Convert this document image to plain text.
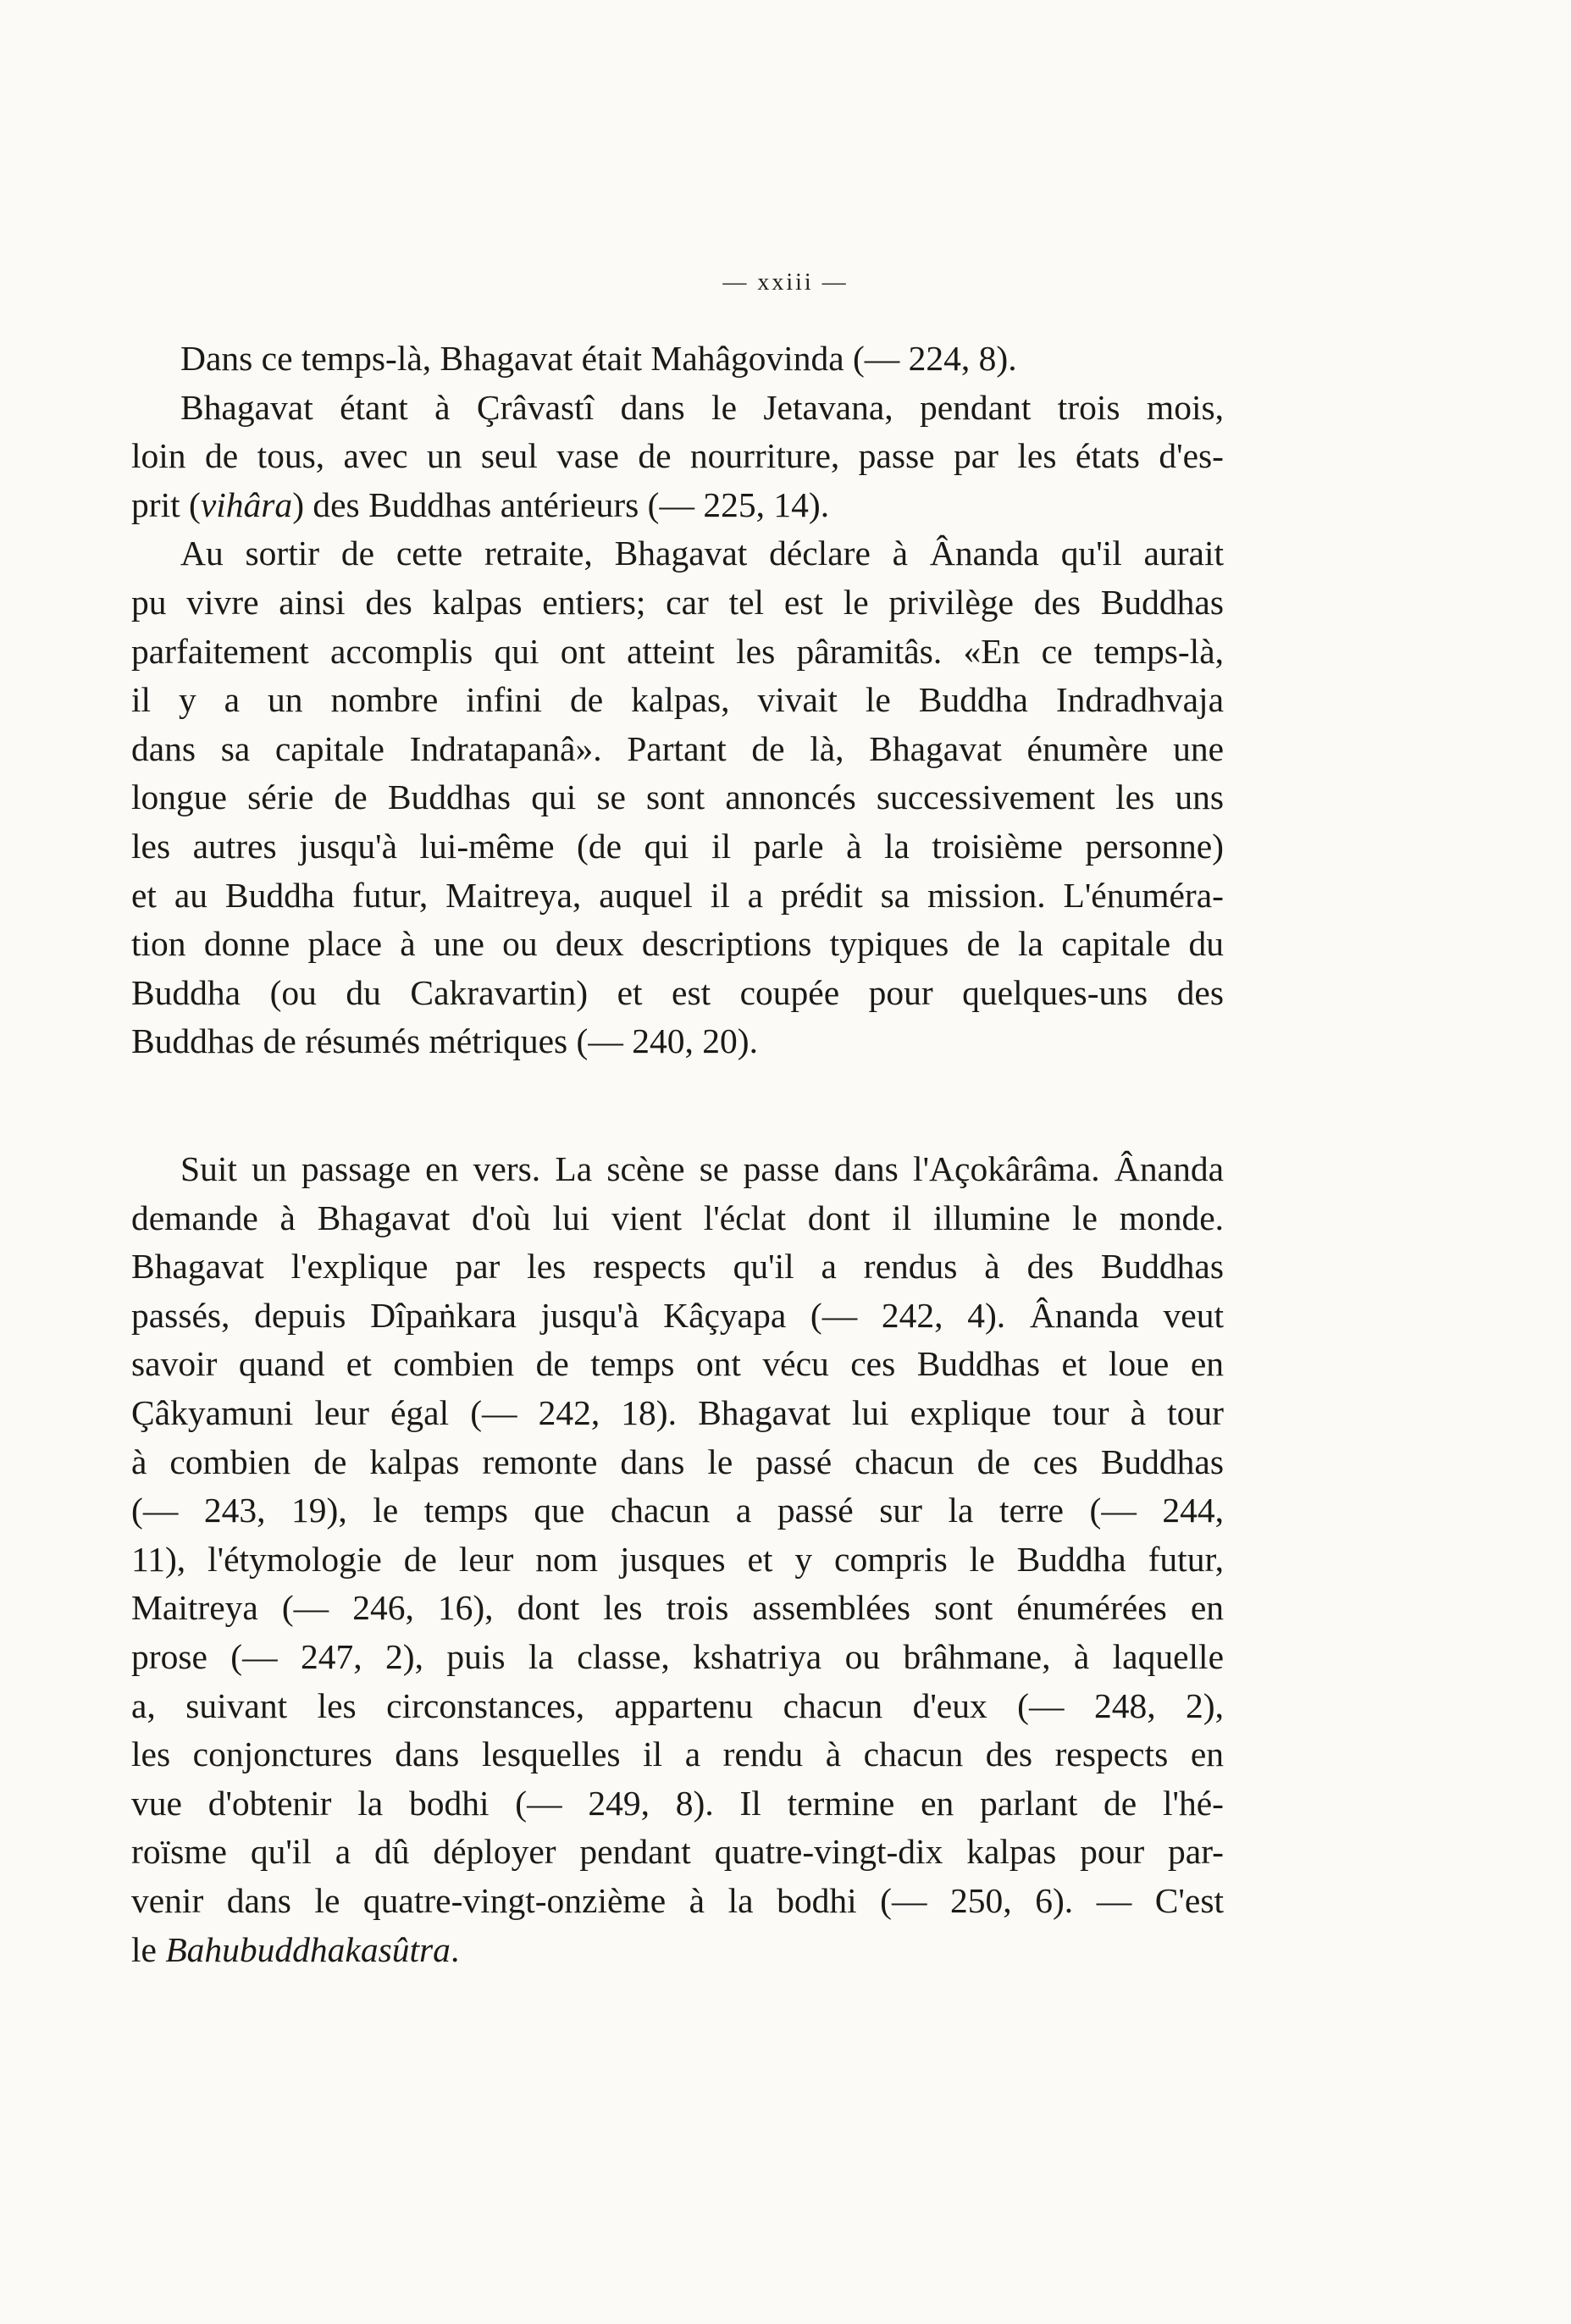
— xxiii —
Dans ce temps-là, Bhagavat était Mahâgovinda (— 224, 8).
Bhagavat étant à Çrâvastî dans le Jetavana, pendant trois mois,
loin de tous, avec un seul vase de nourriture, passe par les états d'es-
prit (vihâra) des Buddhas antérieurs (— 225, 14).
Au sortir de cette retraite, Bhagavat déclare à Ânanda qu'il aurait
pu vivre ainsi des kalpas entiers; car tel est le privilège des Buddhas
parfaitement accomplis qui ont atteint les pâramitâs. «En ce temps-là,
il y a un nombre infini de kalpas, vivait le Buddha Indradhvaja
dans sa capitale Indratapanâ». Partant de là, Bhagavat énumère une
longue série de Buddhas qui se sont annoncés successivement les uns
les autres jusqu'à lui-même (de qui il parle à la troisième personne)
et au Buddha futur, Maitreya, auquel il a prédit sa mission. L'énuméra-
tion donne place à une ou deux descriptions typiques de la capitale du
Buddha (ou du Cakravartin) et est coupée pour quelques-uns des
Buddhas de résumés métriques (— 240, 20).
Suit un passage en vers. La scène se passe dans l'Açokârâma. Ânanda
demande à Bhagavat d'où lui vient l'éclat dont il illumine le monde.
Bhagavat l'explique par les respects qu'il a rendus à des Buddhas
passés, depuis Dîpaṅkara jusqu'à Kâçyapa (— 242, 4). Ânanda veut
savoir quand et combien de temps ont vécu ces Buddhas et loue en
Çâkyamuni leur égal (— 242, 18). Bhagavat lui explique tour à tour
à combien de kalpas remonte dans le passé chacun de ces Buddhas
(— 243, 19), le temps que chacun a passé sur la terre (— 244,
11), l'étymologie de leur nom jusques et y compris le Buddha futur,
Maitreya (— 246, 16), dont les trois assemblées sont énumérées en
prose (— 247, 2), puis la classe, kshatriya ou brâhmane, à laquelle
a, suivant les circonstances, appartenu chacun d'eux (— 248, 2),
les conjonctures dans lesquelles il a rendu à chacun des respects en
vue d'obtenir la bodhi (— 249, 8). Il termine en parlant de l'hé-
roïsme qu'il a dû déployer pendant quatre-vingt-dix kalpas pour par-
venir dans le quatre-vingt-onzième à la bodhi (— 250, 6). — C'est
le Bahubuddhakasûtra.
